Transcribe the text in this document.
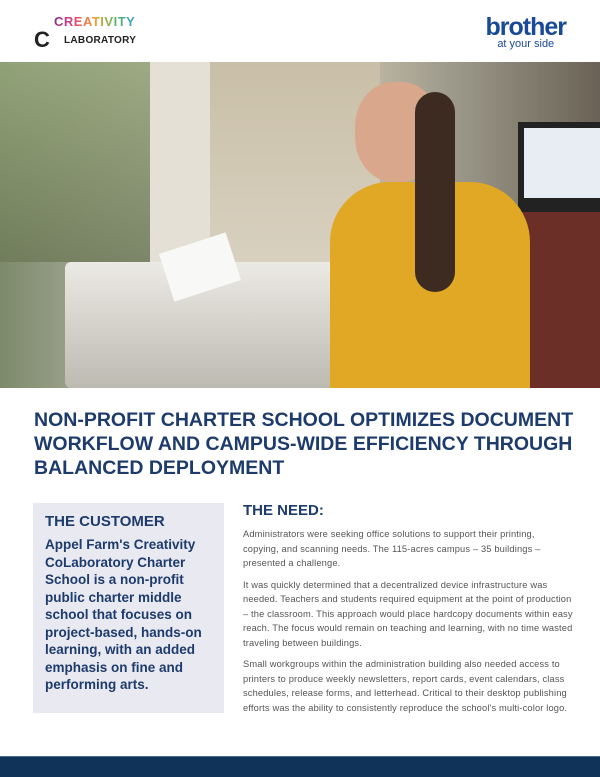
CREATIVITY
C LABORATORY	brother
at your side
NON-PROFIT CHARTER SCHOOL OPTIMIZES DOCUMENT WORKFLOW AND CAMPUS-WIDE EFFICIENCY THROUGH BALANCED DEPLOYMENT
THE CUSTOMER

Appel Farm's Creativity CoLaboratory Charter School is a non-profit public charter middle school that focuses on project-based, hands-on learning, with an added emphasis on fine and performing arts.

THE NEED:

Administrators were seeking office solutions to support their printing, copying, and scanning needs. The 115-acres campus – 35 buildings – presented a challenge.

It was quickly determined that a decentralized device infrastructure was needed. Teachers and students required equipment at the point of production – the classroom. This approach would place hardcopy documents within easy reach. The focus would remain on teaching and learning, with no time wasted traveling between buildings.

Small workgroups within the administration building also needed access to printers to produce weekly newsletters, report cards, event calendars, class schedules, release forms, and letterhead. Critical to their desktop publishing efforts was the ability to consistently reproduce the school's multi-color logo.
